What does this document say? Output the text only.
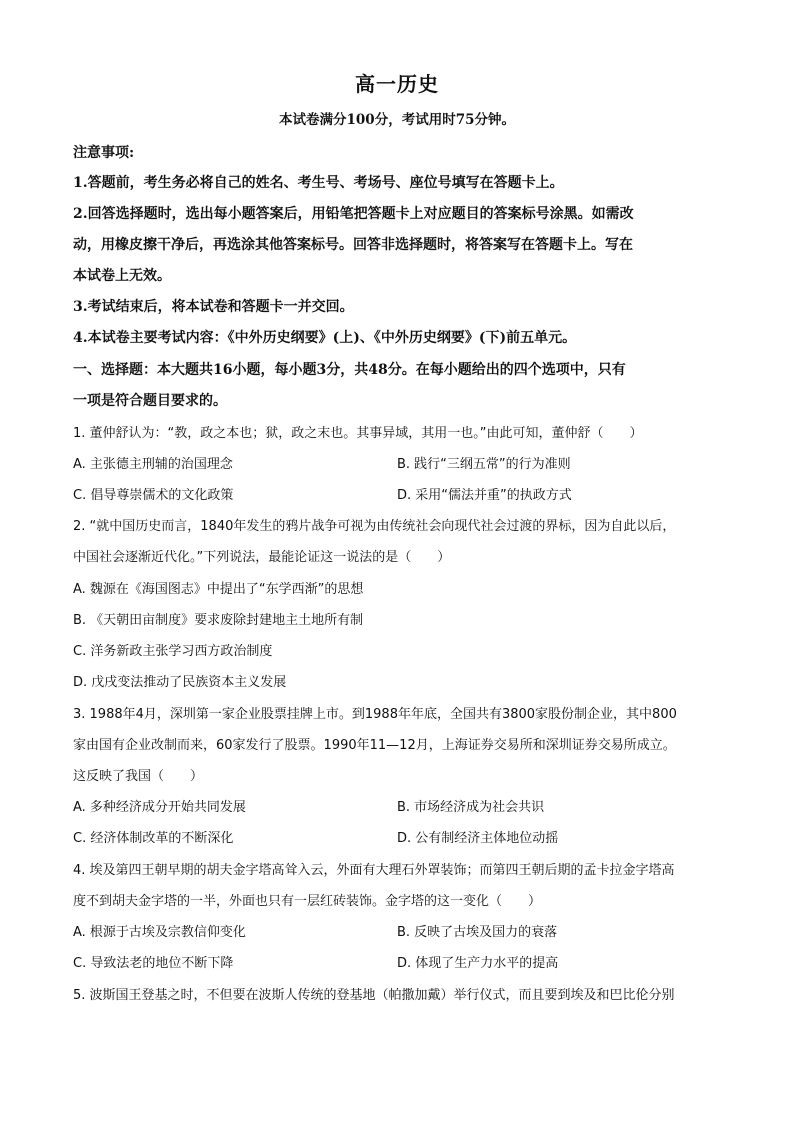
高一历史
本试卷满分100分，考试用时75分钟。
注意事项:
1.答题前，考生务必将自己的姓名、考生号、考场号、座位号填写在答题卡上。
2.回答选择题时，选出每小题答案后，用铅笔把答题卡上对应题目的答案标号涂黑。如需改
动，用橡皮擦干净后，再选涂其他答案标号。回答非选择题时，将答案写在答题卡上。写在
本试卷上无效。
3.考试结束后，将本试卷和答题卡一并交回。
4.本试卷主要考试内容：《中外历史纲要》(上)、《中外历史纲要》(下)前五单元。
一、选择题：本大题共16小题，每小题3分，共48分。在每小题给出的四个选项中，只有
一项是符合题目要求的。
1. 董仲舒认为：“教，政之本也；狱，政之末也。其事异域，其用一也。”由此可知，董仲舒（　　）
A. 主张德主刑辅的治国理念	B. 践行“三纲五常”的行为准则
C. 倡导尊崇儒术的文化政策	D. 采用“儒法并重”的执政方式
2. “就中国历史而言，1840年发生的鸦片战争可视为由传统社会向现代社会过渡的界标，因为自此以后，
中国社会逐渐近代化。”下列说法，最能论证这一说法的是（　　）
A. 魏源在《海国图志》中提出了“东学西渐”的思想
B. 《天朝田亩制度》要求废除封建地主土地所有制
C. 洋务新政主张学习西方政治制度
D. 戊戌变法推动了民族资本主义发展
3. 1988年4月，深圳第一家企业股票挂牌上市。到1988年年底，全国共有3800家股份制企业，其中800
家由国有企业改制而来，60家发行了股票。1990年11—12月，上海证券交易所和深圳证券交易所成立。
这反映了我国（　　）
A. 多种经济成分开始共同发展	B. 市场经济成为社会共识
C. 经济体制改革的不断深化	D. 公有制经济主体地位动摇
4. 埃及第四王朝早期的胡夫金字塔高耸入云，外面有大理石外罩装饰；而第四王朝后期的孟卡拉金字塔高
度不到胡夫金字塔的一半，外面也只有一层红砖装饰。金字塔的这一变化（　　）
A. 根源于古埃及宗教信仰变化	B. 反映了古埃及国力的衰落
C. 导致法老的地位不断下降	D. 体现了生产力水平的提高
5. 波斯国王登基之时，不但要在波斯人传统的登基地（帕撒加戴）举行仪式，而且要到埃及和巴比伦分别
